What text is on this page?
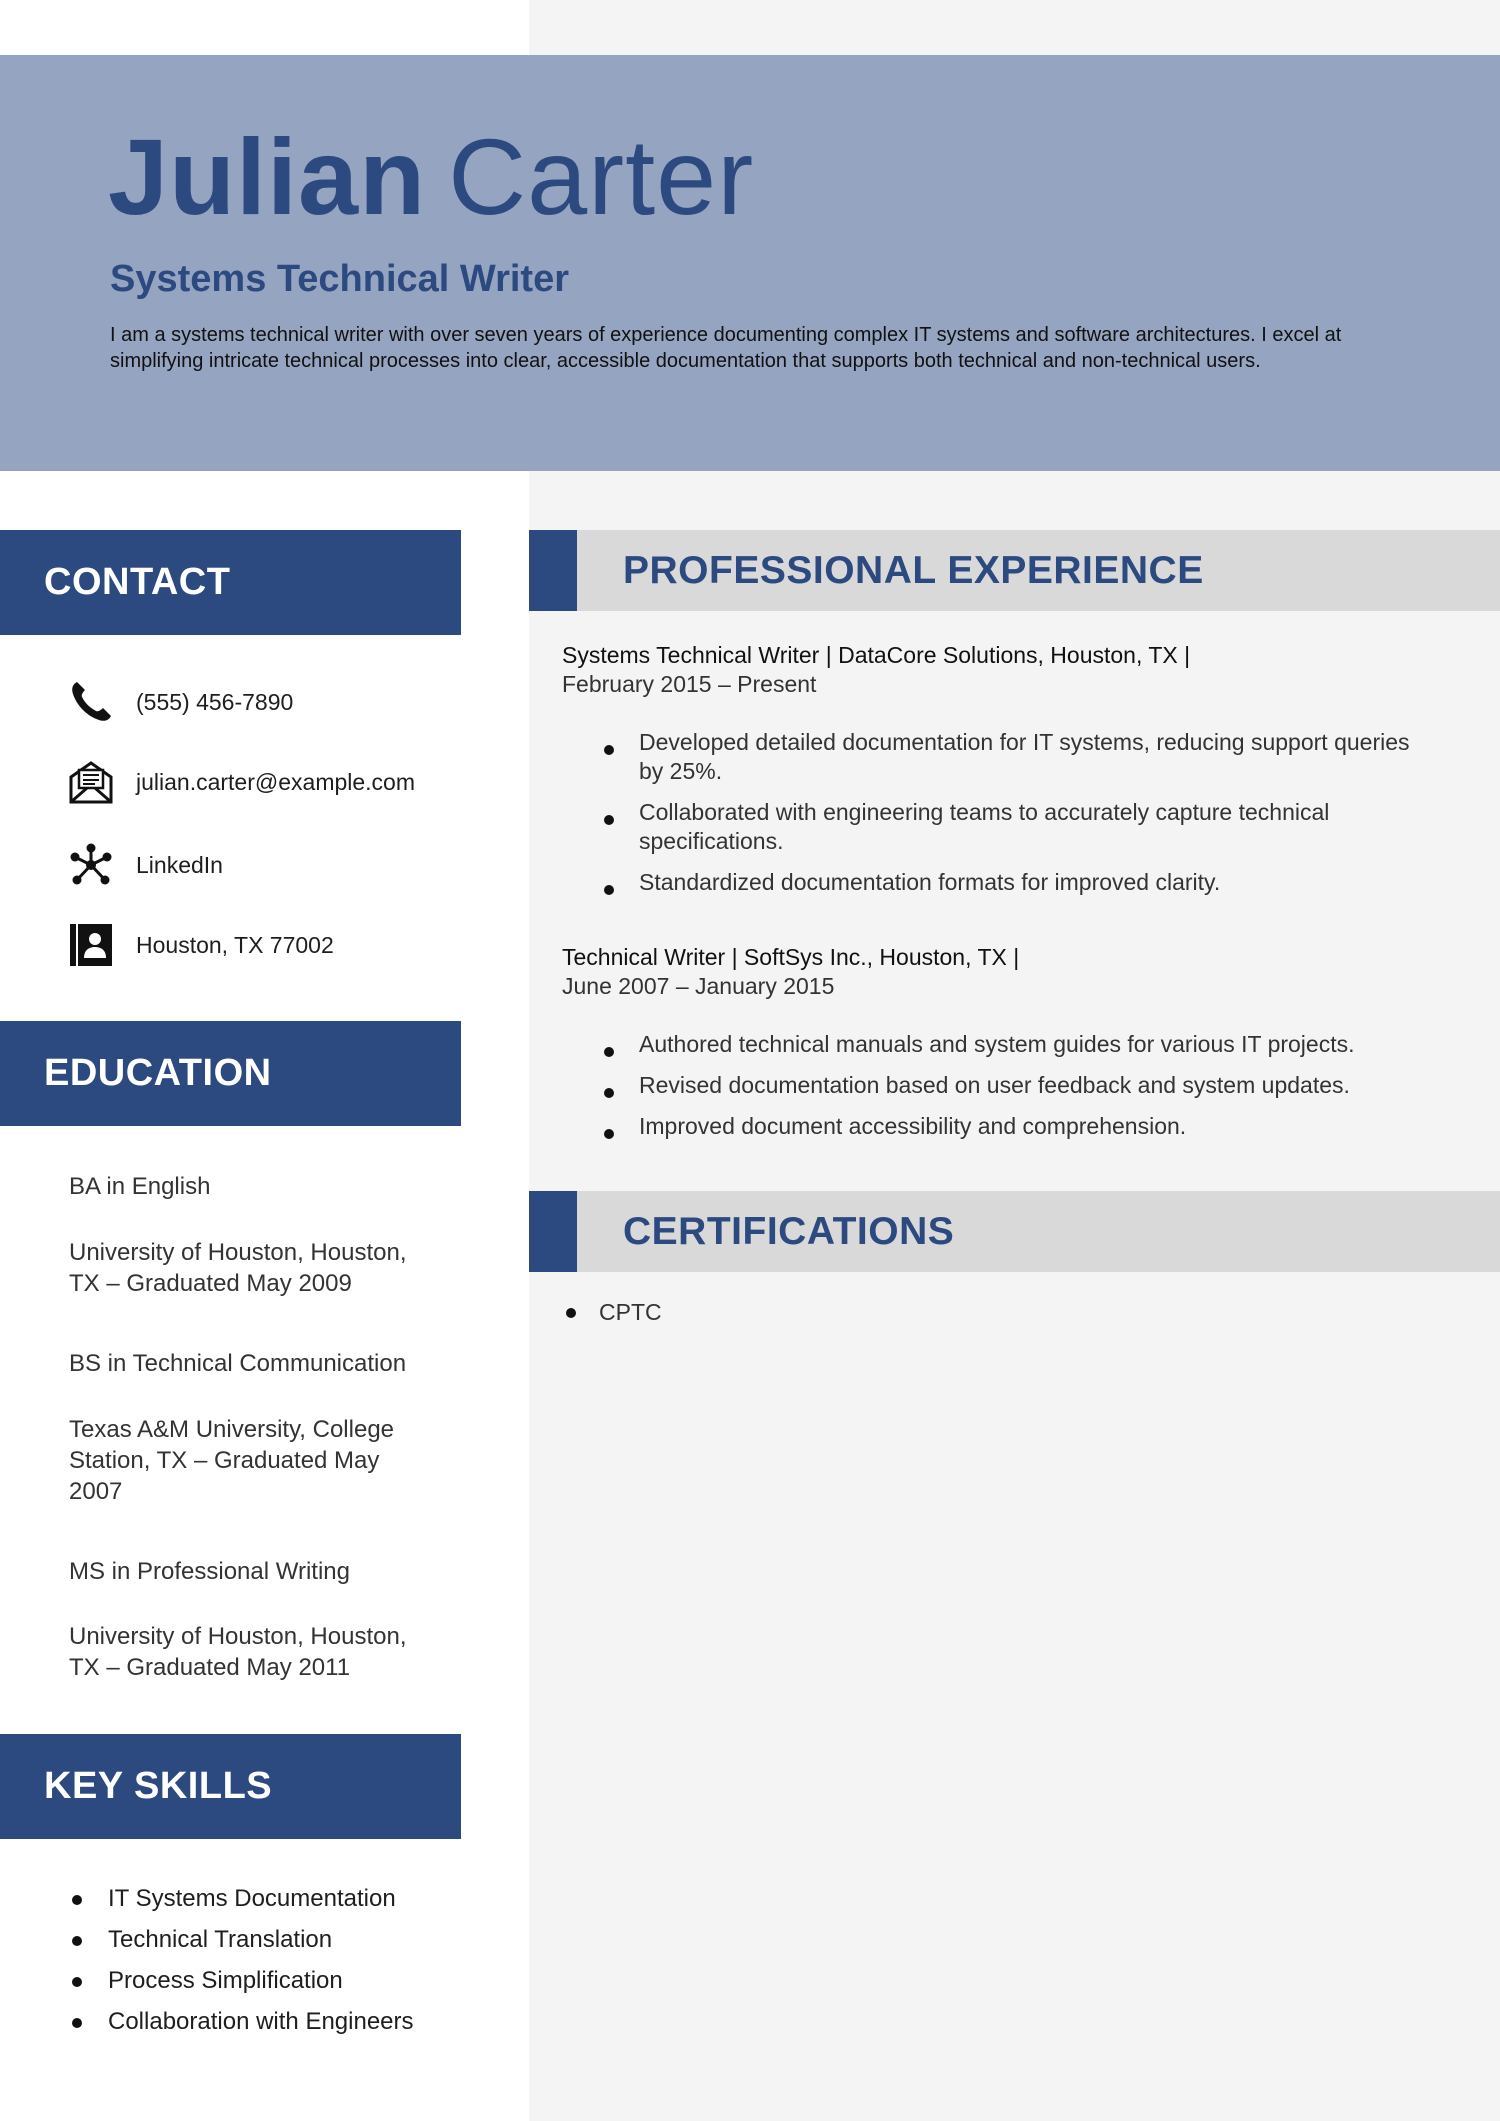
Julian Carter
Systems Technical Writer
I am a systems technical writer with over seven years of experience documenting complex IT systems and software architectures. I excel at simplifying intricate technical processes into clear, accessible documentation that supports both technical and non-technical users.
CONTACT
(555) 456-7890
julian.carter@example.com
LinkedIn
Houston, TX 77002
EDUCATION
BA in English
University of Houston, Houston, TX – Graduated May 2009
BS in Technical Communication
Texas A&M University, College Station, TX – Graduated May 2007
MS in Professional Writing
University of Houston, Houston, TX – Graduated May 2011
KEY SKILLS
IT Systems Documentation
Technical Translation
Process Simplification
Collaboration with Engineers
PROFESSIONAL EXPERIENCE
Systems Technical Writer | DataCore Solutions, Houston, TX |
February 2015 – Present
Developed detailed documentation for IT systems, reducing support queries by 25%.
Collaborated with engineering teams to accurately capture technical specifications.
Standardized documentation formats for improved clarity.
Technical Writer | SoftSys Inc., Houston, TX |
June 2007 – January 2015
Authored technical manuals and system guides for various IT projects.
Revised documentation based on user feedback and system updates.
Improved document accessibility and comprehension.
CERTIFICATIONS
CPTC
